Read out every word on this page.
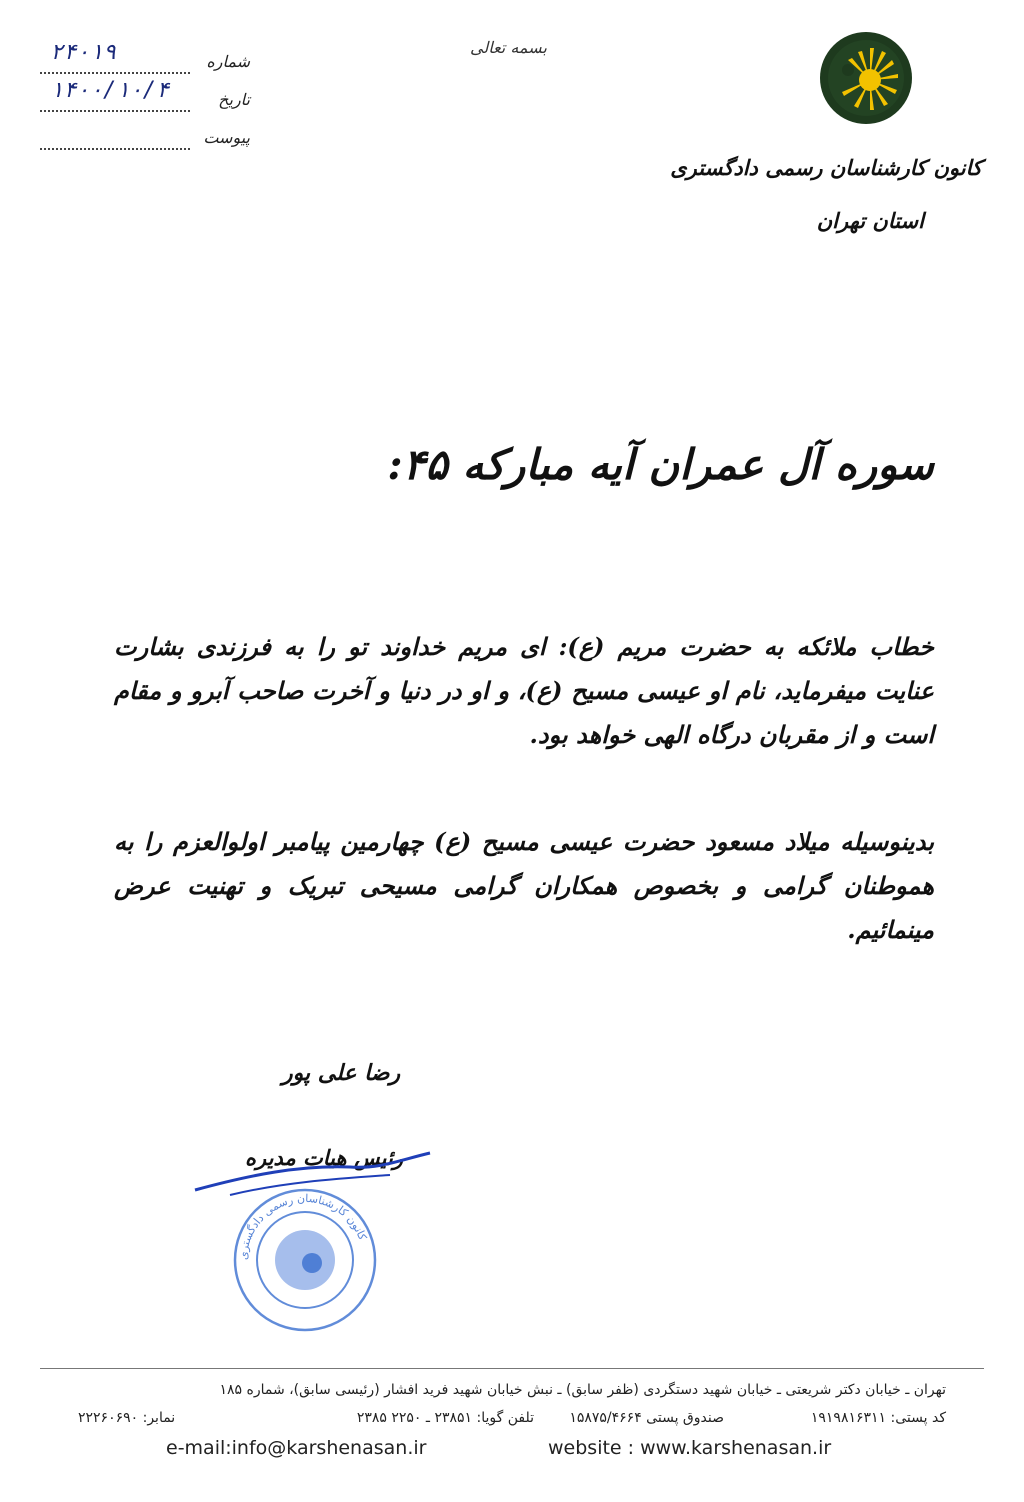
بسمه تعالی
شماره
۲۴۰۱۹
تاریخ
۱۴۰۰/۱۰/۴
پیوست
کانون کارشناسان رسمی دادگستری
استان تهران
سوره آل عمران آیه مبارکه ۴۵:
خطاب ملائکه به حضرت مریم (ع): ای مریم خداوند تو را به فرزندی بشارت عنایت میفرماید، نام او عیسی مسیح (ع)، و او در دنیا و آخرت صاحب آبرو و مقام است و از مقربان درگاه الهی خواهد بود.
بدینوسیله میلاد مسعود حضرت عیسی مسیح (ع) چهارمین پیامبر اولوالعزم را به هموطنان گرامی و بخصوص همکاران گرامی مسیحی تبریک و تهنیت عرض مینمائیم.
رضا علی پور
رئیس هیات مدیره
کانون کارشناسان رسمی دادگستری
تهران ـ خیابان دکتر شریعتی ـ خیابان شهید دستگردی (ظفر سابق) ـ نبش خیابان شهید فرید افشار (رئیسی سابق)، شماره ۱۸۵
کد پستی: ۱۹۱۹۸۱۶۳۱۱
صندوق پستی ۱۵۸۷۵/۴۶۶۴
تلفن گویا: ۲۳۸۵۱ ـ ۲۲۵۰ ۲۳۸۵
نمابر: ۲۲۲۶۰۶۹۰
e-mail:info@karshenasan.ir	website : www.karshenasan.ir
